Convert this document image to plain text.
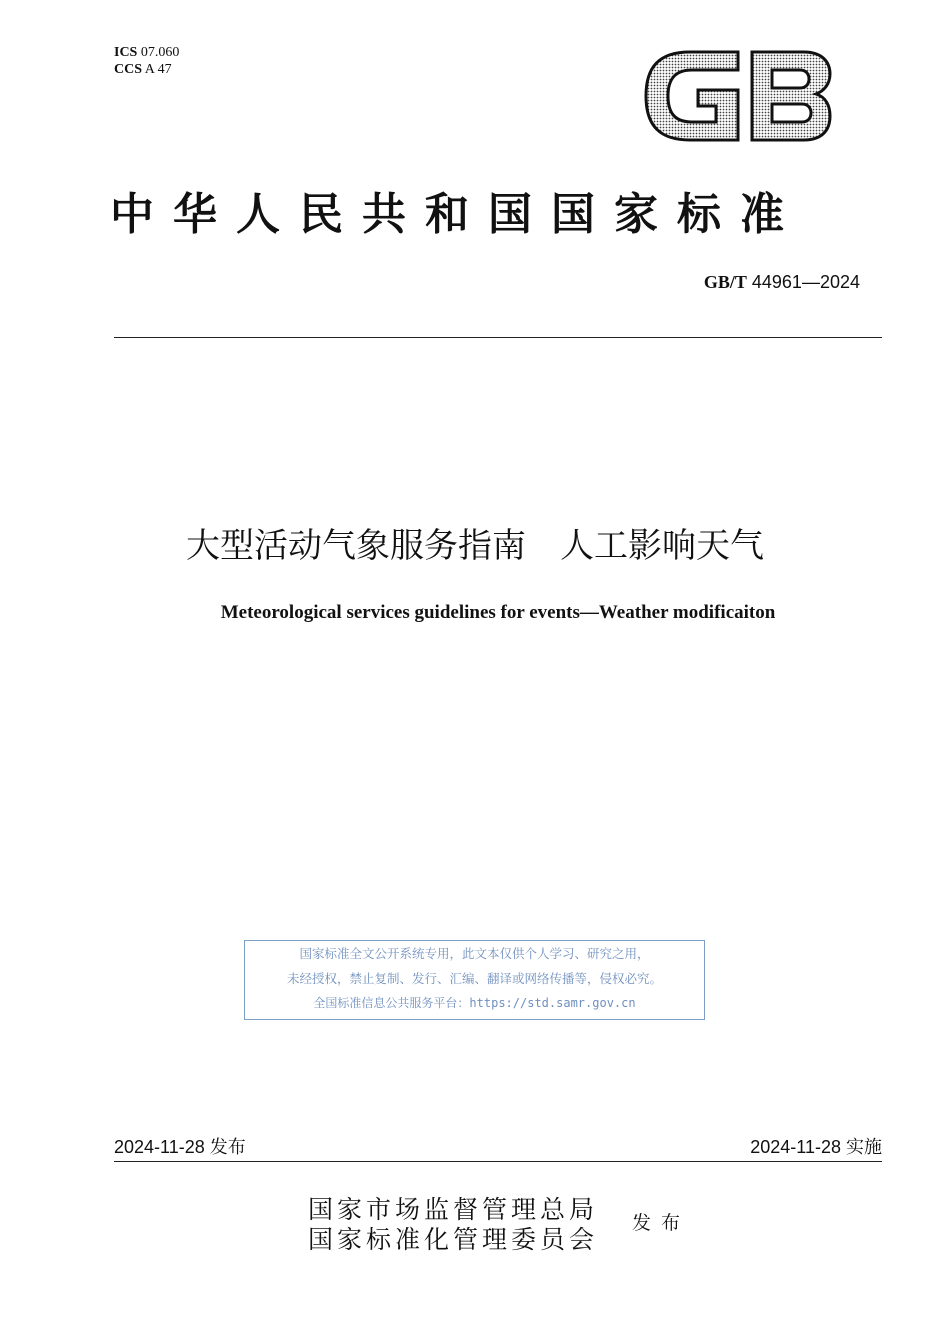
ICS 07.060
CCS A 47
中华人民共和国国家标准
GB/T 44961—2024
大型活动气象服务指南　人工影响天气
Meteorological services guidelines for events—Weather modificaiton
国家标准全文公开系统专用，此文本仅供个人学习、研究之用，
未经授权，禁止复制、发行、汇编、翻译或网络传播等，侵权必究。
全国标准信息公共服务平台：https://std.samr.gov.cn
2024-11-28 发布	2024-11-28 实施
国家市场监督管理总局
国家标准化管理委员会
发布
